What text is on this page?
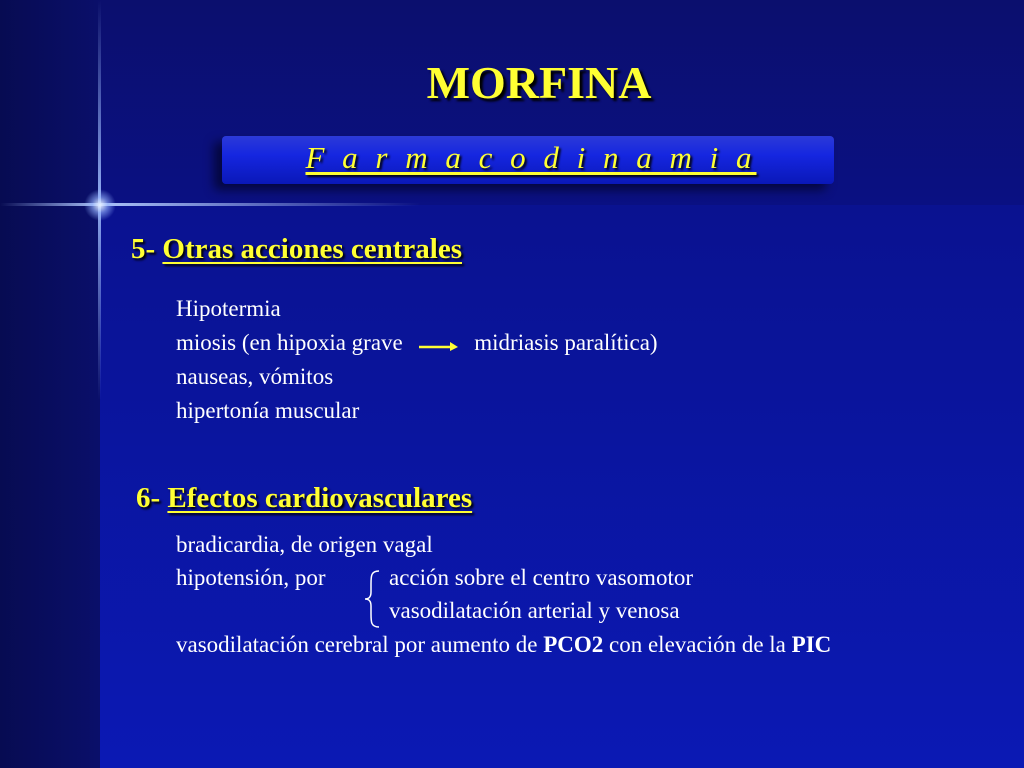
MORFINA
F a r m a c o d i n a m i a
5- Otras acciones centrales
Hipotermia
miosis (en hipoxia grave	midriasis paralítica)
nauseas, vómitos
hipertonía muscular
6- Efectos cardiovasculares
bradicardia, de origen vagal
hipotensión, por	acción sobre el centro vasomotor
vasodilatación arterial y venosa
vasodilatación cerebral por aumento de PCO2 con elevación de la PIC
